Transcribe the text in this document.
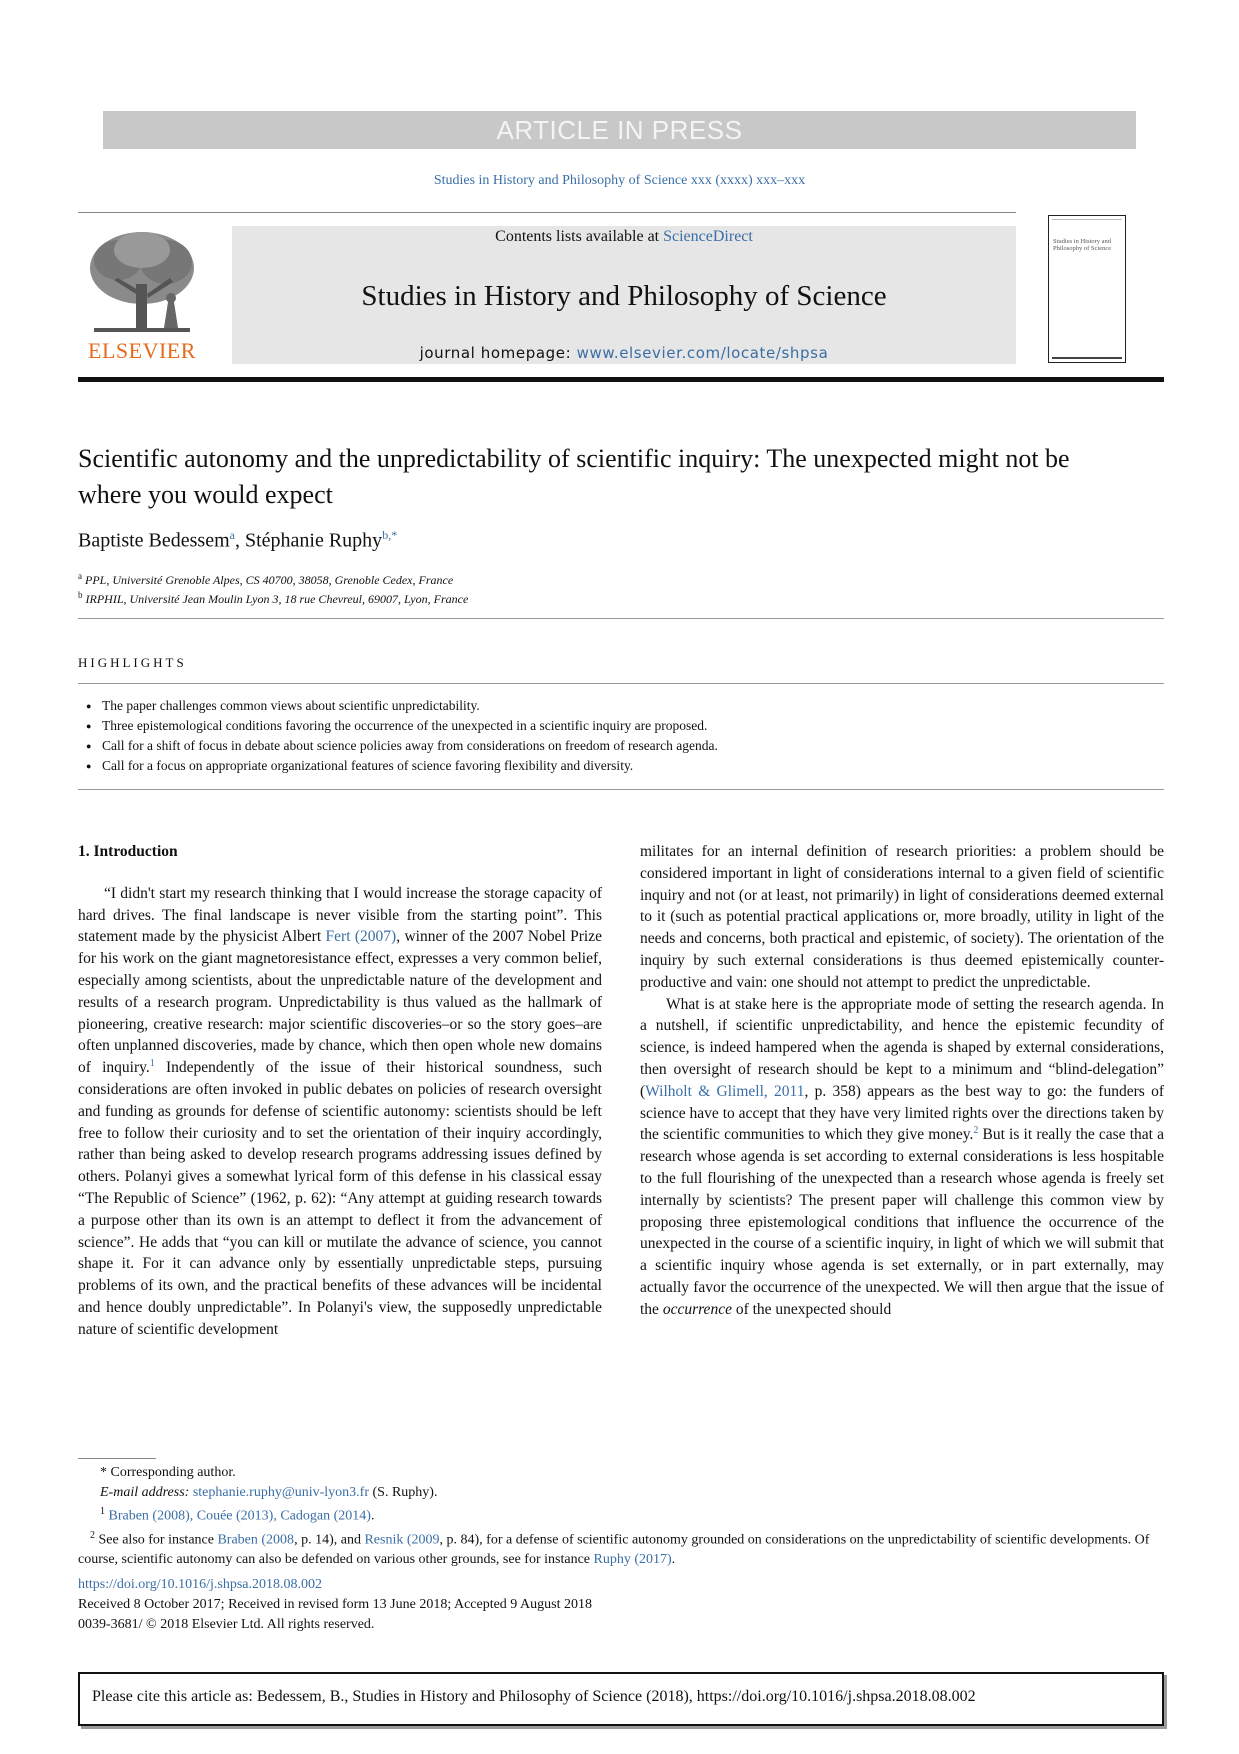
ARTICLE IN PRESS
Studies in History and Philosophy of Science xxx (xxxx) xxx–xxx
ELSEVIER
Contents lists available at ScienceDirect
Studies in History and Philosophy of Science
journal homepage: www.elsevier.com/locate/shpsa
Studies in History and Philosophy of Science
Scientific autonomy and the unpredictability of scientific inquiry: The unexpected might not be where you would expect
Baptiste Bedessem$^a$, Stéphanie Ruphy$^{b,*}$
$^a$ PPL, Université Grenoble Alpes, CS 40700, 38058, Grenoble Cedex, France
$^b$ IRPHIL, Université Jean Moulin Lyon 3, 18 rue Chevreul, 69007, Lyon, France
HIGHLIGHTS
● The paper challenges common views about scientific unpredictability.
● Three epistemological conditions favoring the occurrence of the unexpected in a scientific inquiry are proposed.
● Call for a shift of focus in debate about science policies away from considerations on freedom of research agenda.
● Call for a focus on appropriate organizational features of science favoring flexibility and diversity.
1. Introduction

“I didn't start my research thinking that I would increase the storage capacity of hard drives. The final landscape is never visible from the starting point”. This statement made by the physicist Albert Fert (2007), winner of the 2007 Nobel Prize for his work on the giant magnetoresistance effect, expresses a very common belief, especially among scientists, about the unpredictable nature of the development and results of a research program. Unpredictability is thus valued as the hallmark of pioneering, creative research: major scientific discoveries–or so the story goes–are often unplanned discoveries, made by chance, which then open whole new domains of inquiry.$^1$ Independently of the issue of their historical soundness, such considerations are often invoked in public debates on policies of research oversight and funding as grounds for defense of scientific autonomy: scientists should be left free to follow their curiosity and to set the orientation of their inquiry accordingly, rather than being asked to develop research programs addressing issues defined by others. Polanyi gives a somewhat lyrical form of this defense in his classical essay “The Republic of Science” (1962, p. 62): “Any attempt at guiding research towards a purpose other than its own is an attempt to deflect it from the advancement of science”. He adds that “you can kill or mutilate the advance of science, you cannot shape it. For it can advance only by essentially unpredictable steps, pursuing problems of its own, and the practical benefits of these advances will be incidental and hence doubly unpredictable”. In Polanyi's view, the supposedly unpredictable nature of scientific development

militates for an internal definition of research priorities: a problem should be considered important in light of considerations internal to a given field of scientific inquiry and not (or at least, not primarily) in light of considerations deemed external to it (such as potential practical applications or, more broadly, utility in light of the needs and concerns, both practical and epistemic, of society). The orientation of the inquiry by such external considerations is thus deemed epistemically counter-productive and vain: one should not attempt to predict the unpredictable.

What is at stake here is the appropriate mode of setting the research agenda. In a nutshell, if scientific unpredictability, and hence the epistemic fecundity of science, is indeed hampered when the agenda is shaped by external considerations, then oversight of research should be kept to a minimum and “blind-delegation” (Wilholt & Glimell, 2011, p. 358) appears as the best way to go: the funders of science have to accept that they have very limited rights over the directions taken by the scientific communities to which they give money.$^2$ But is it really the case that a research whose agenda is set according to external considerations is less hospitable to the full flourishing of the unexpected than a research whose agenda is freely set internally by scientists? The present paper will challenge this common view by proposing three epistemological conditions that influence the occurrence of the unexpected in the course of a scientific inquiry, in light of which we will submit that a scientific inquiry whose agenda is set externally, or in part externally, may actually favor the occurrence of the unexpected. We will then argue that the issue of the occurrence of the unexpected should

* Corresponding author.
E-mail address: stephanie.ruphy@univ-lyon3.fr (S. Ruphy).
$^1$ Braben (2008), Couée (2013), Cadogan (2014).
$^2$ See also for instance Braben (2008, p. 14), and Resnik (2009, p. 84), for a defense of scientific autonomy grounded on considerations on the unpredictability of scientific developments. Of course, scientific autonomy can also be defended on various other grounds, see for instance Ruphy (2017).
https://doi.org/10.1016/j.shpsa.2018.08.002
Received 8 October 2017; Received in revised form 13 June 2018; Accepted 9 August 2018
0039-3681/ © 2018 Elsevier Ltd. All rights reserved.
Please cite this article as: Bedessem, B., Studies in History and Philosophy of Science (2018), https://doi.org/10.1016/j.shpsa.2018.08.002
